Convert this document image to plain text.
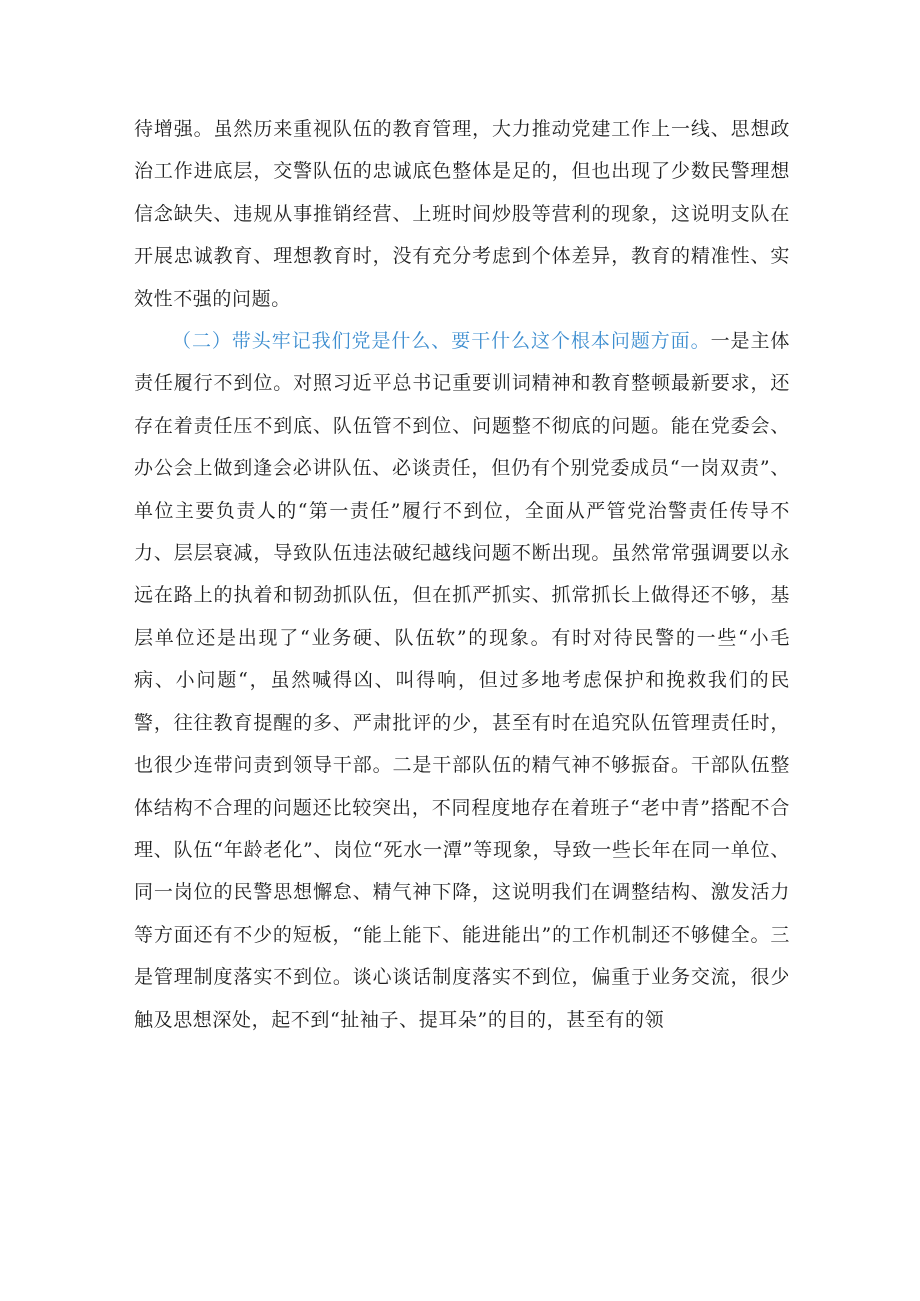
待增强。虽然历来重视队伍的教育管理，大力推动党建工作上一线、思想政治工作进底层，交警队伍的忠诚底色整体是足的，但也出现了少数民警理想信念缺失、违规从事推销经营、上班时间炒股等营利的现象，这说明支队在开展忠诚教育、理想教育时，没有充分考虑到个体差异，教育的精准性、实效性不强的问题。

（二）带头牢记我们党是什么、要干什么这个根本问题方面。一是主体责任履行不到位。对照习近平总书记重要训词精神和教育整顿最新要求，还存在着责任压不到底、队伍管不到位、问题整不彻底的问题。能在党委会、办公会上做到逢会必讲队伍、必谈责任，但仍有个别党委成员“一岗双责”、单位主要负责人的“第一责任”履行不到位，全面从严管党治警责任传导不力、层层衰减，导致队伍违法破纪越线问题不断出现。虽然常常强调要以永远在路上的执着和韧劲抓队伍，但在抓严抓实、抓常抓长上做得还不够，基层单位还是出现了“业务硬、队伍软”的现象。有时对待民警的一些“小毛病、小问题“，虽然喊得凶、叫得响，但过多地考虑保护和挽救我们的民警，往往教育提醒的多、严肃批评的少，甚至有时在追究队伍管理责任时，也很少连带问责到领导干部。二是干部队伍的精气神不够振奋。干部队伍整体结构不合理的问题还比较突出，不同程度地存在着班子“老中青”搭配不合理、队伍“年龄老化”、岗位“死水一潭”等现象，导致一些长年在同一单位、同一岗位的民警思想懈怠、精气神下降，这说明我们在调整结构、激发活力等方面还有不少的短板，“能上能下、能进能出”的工作机制还不够健全。三是管理制度落实不到位。谈心谈话制度落实不到位，偏重于业务交流，很少触及思想深处，起不到“扯袖子、提耳朵”的目的，甚至有的领
